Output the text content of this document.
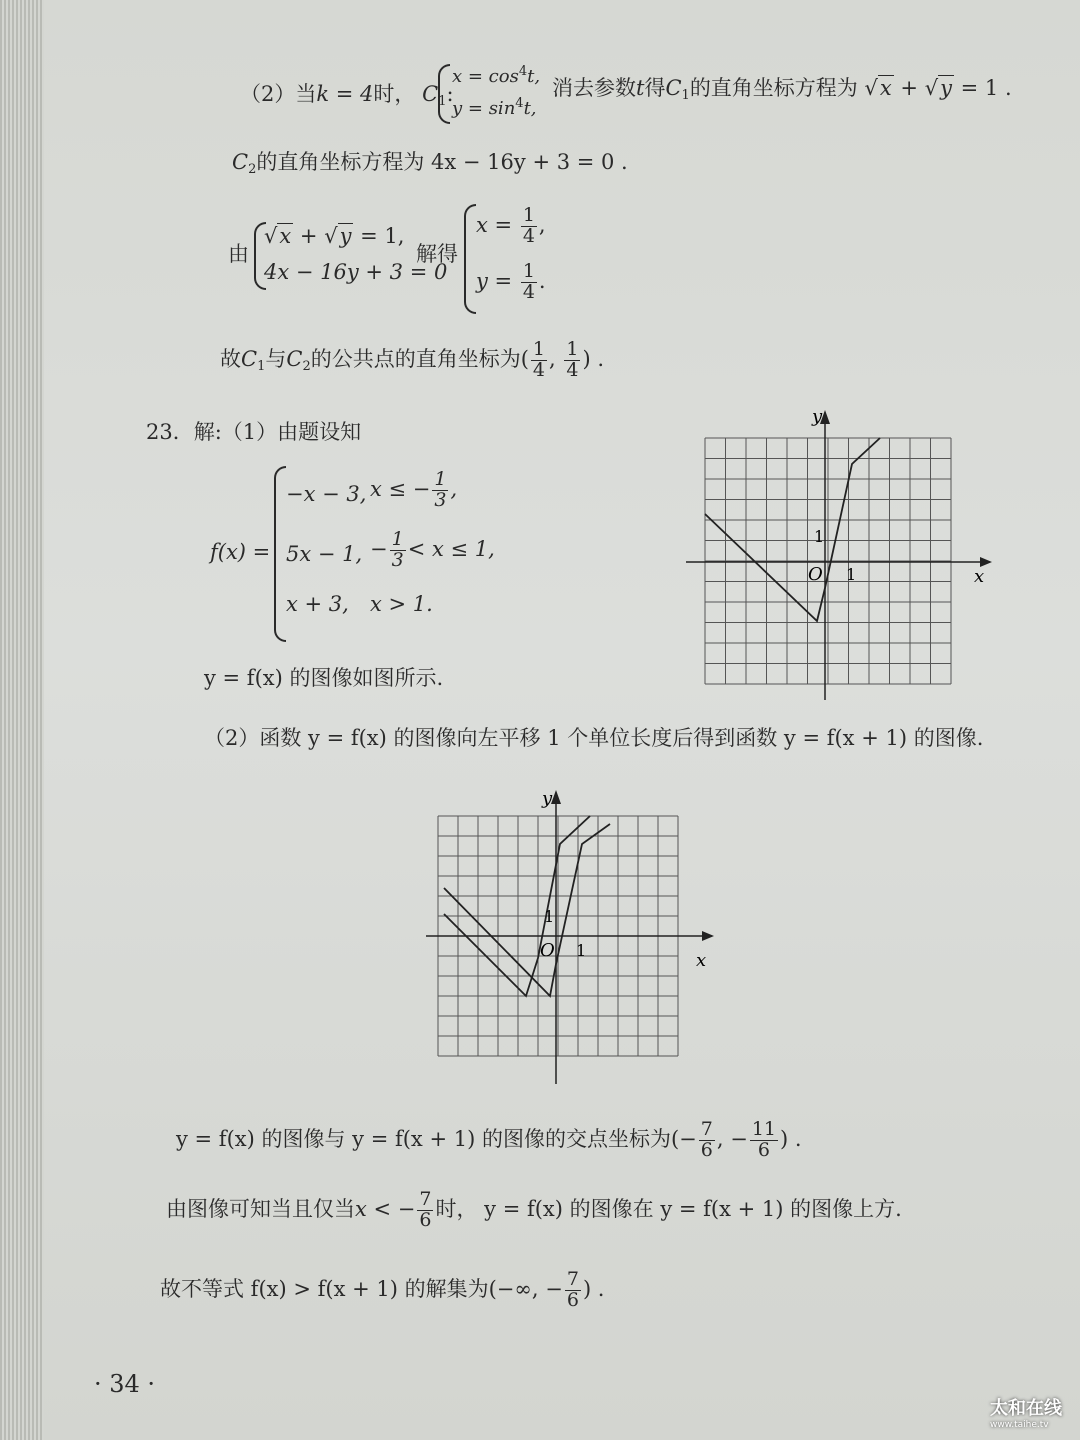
（2）当k = 4时， $C_1$:
$x = \cos^4t$,
$y = \sin^4t$,
消去参数t得$C_1$的直角坐标方程为 √x + √y = 1 .
$C_2$的直角坐标方程为 4x − 16y + 3 = 0 .
由
√x + √y = 1,
4x − 16y + 3 = 0
解得
$x = \frac{1}{4}$ ,
$y = \frac{1}{4}$ .
故$C_1$与$C_2$的公共点的直角坐标为( $\frac{1}{4}$ , $\frac{1}{4}$ ) .
23．解:（1）由题设知
f(x) =
−x − 3, x ≤ − $\frac{1}{3}$ ,
5x − 1, − $\frac{1}{3} < x \le 1$,
x + 3, x > 1.
y = f(x) 的图像如图所示.
y
x
O 1
1
（2）函数 y = f(x) 的图像向左平移 1 个单位长度后得到函数 y = f(x + 1) 的图像.
y
x
O 1
1
y = f(x) 的图像与 y = f(x + 1) 的图像的交点坐标为(− $\frac{7}{6}$ , − $\frac{11}{6}$ ) .
由图像可知当且仅当x < − $\frac{7}{6}$ 时， y = f(x) 的图像在 y = f(x + 1) 的图像上方.
故不等式 f(x) > f(x + 1) 的解集为(−∞, − $\frac{7}{6}$ ) .
· 34 ·
太和在线
www.taihe.tv
